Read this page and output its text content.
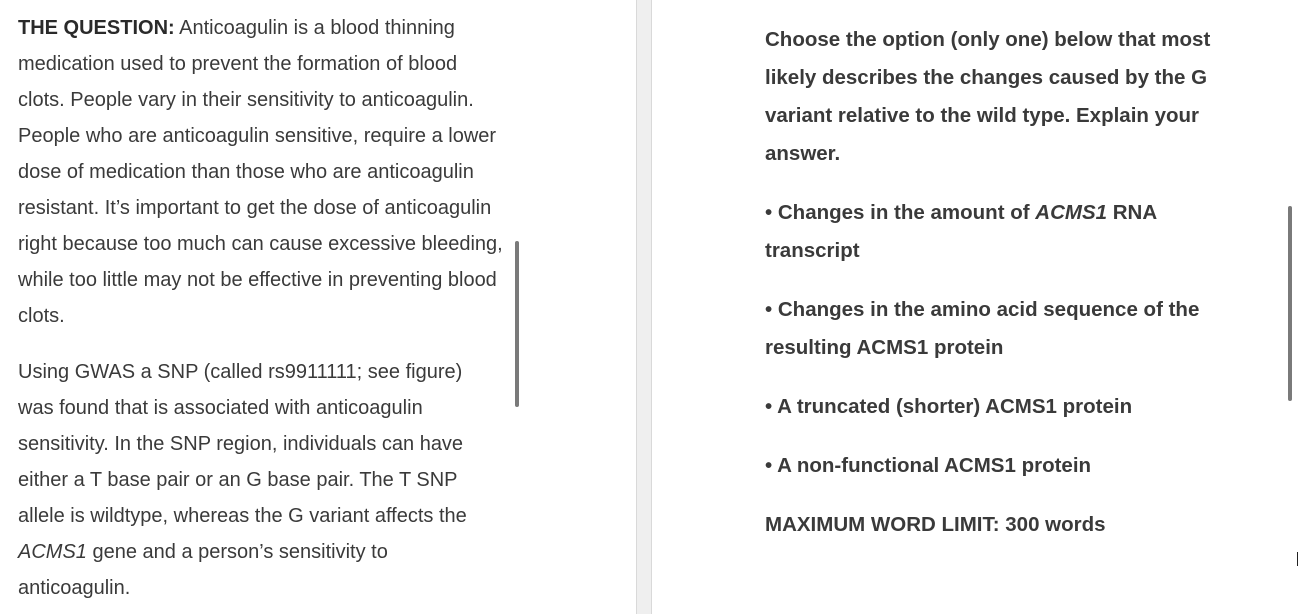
THE QUESTION: Anticoagulin is a blood thinning medication used to prevent the formation of blood clots. People vary in their sensitivity to anticoagulin. People who are anticoagulin sensitive, require a lower dose of medication than those who are anticoagulin resistant. It’s important to get the dose of anticoagulin right because too much can cause excessive bleeding, while too little may not be effective in preventing blood clots.

Using GWAS a SNP (called rs9911111; see figure) was found that is associated with anticoagulin sensitivity. In the SNP region, individuals can have either a T base pair or an G base pair. The T SNP allele is wildtype, whereas the G variant affects the ACMS1 gene and a person’s sensitivity to anticoagulin.

Choose the option (only one) below that most likely describes the changes caused by the G variant relative to the wild type. Explain your answer.

• Changes in the amount of ACMS1 RNA transcript

• Changes in the amino acid sequence of the resulting ACMS1 protein

• A truncated (shorter) ACMS1 protein

• A non-functional ACMS1 protein

MAXIMUM WORD LIMIT: 300 words
